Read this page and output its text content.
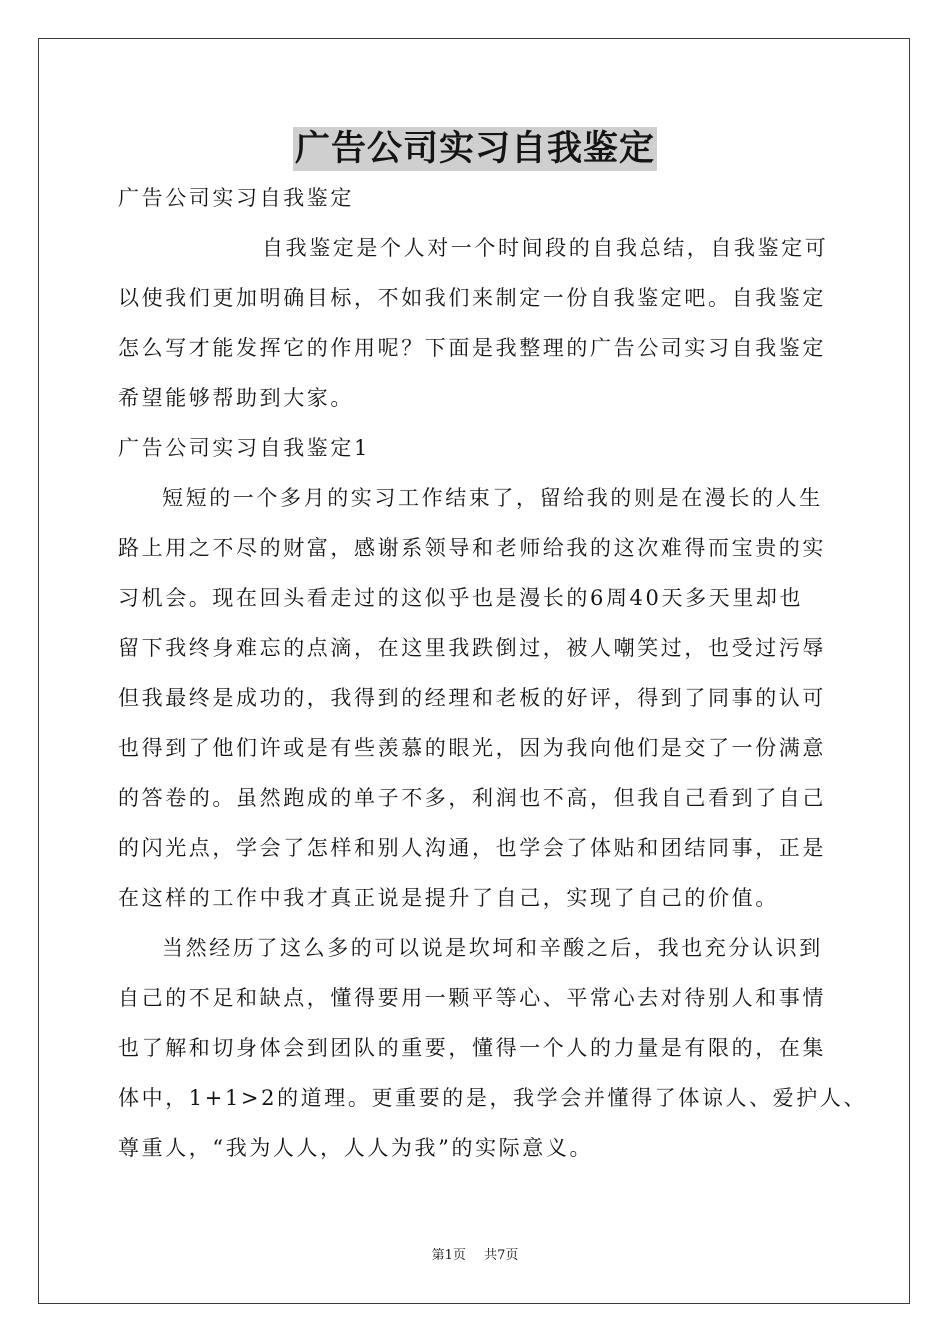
广告公司实习自我鉴定
广告公司实习自我鉴定
自我鉴定是个人对一个时间段的自我总结，自我鉴定可
以使我们更加明确目标，不如我们来制定一份自我鉴定吧。自我鉴定
怎么写才能发挥它的作用呢？下面是我整理的广告公司实习自我鉴定
希望能够帮助到大家。
广告公司实习自我鉴定1
短短的一个多月的实习工作结束了，留给我的则是在漫长的人生
路上用之不尽的财富，感谢系领导和老师给我的这次难得而宝贵的实
习机会。现在回头看走过的这似乎也是漫长的6周40天多天里却也
留下我终身难忘的点滴，在这里我跌倒过，被人嘲笑过，也受过污辱
但我最终是成功的，我得到的经理和老板的好评，得到了同事的认可
也得到了他们许或是有些羡慕的眼光，因为我向他们是交了一份满意
的答卷的。虽然跑成的单子不多，利润也不高，但我自己看到了自己
的闪光点，学会了怎样和别人沟通，也学会了体贴和团结同事，正是
在这样的工作中我才真正说是提升了自己，实现了自己的价值。
当然经历了这么多的可以说是坎坷和辛酸之后，我也充分认识到
自己的不足和缺点，懂得要用一颗平等心、平常心去对待别人和事情
也了解和切身体会到团队的重要，懂得一个人的力量是有限的，在集
体中，1+1>2的道理。更重要的是，我学会并懂得了体谅人、爱护人、
尊重人，“我为人人，人人为我”的实际意义。
第1页 共7页
